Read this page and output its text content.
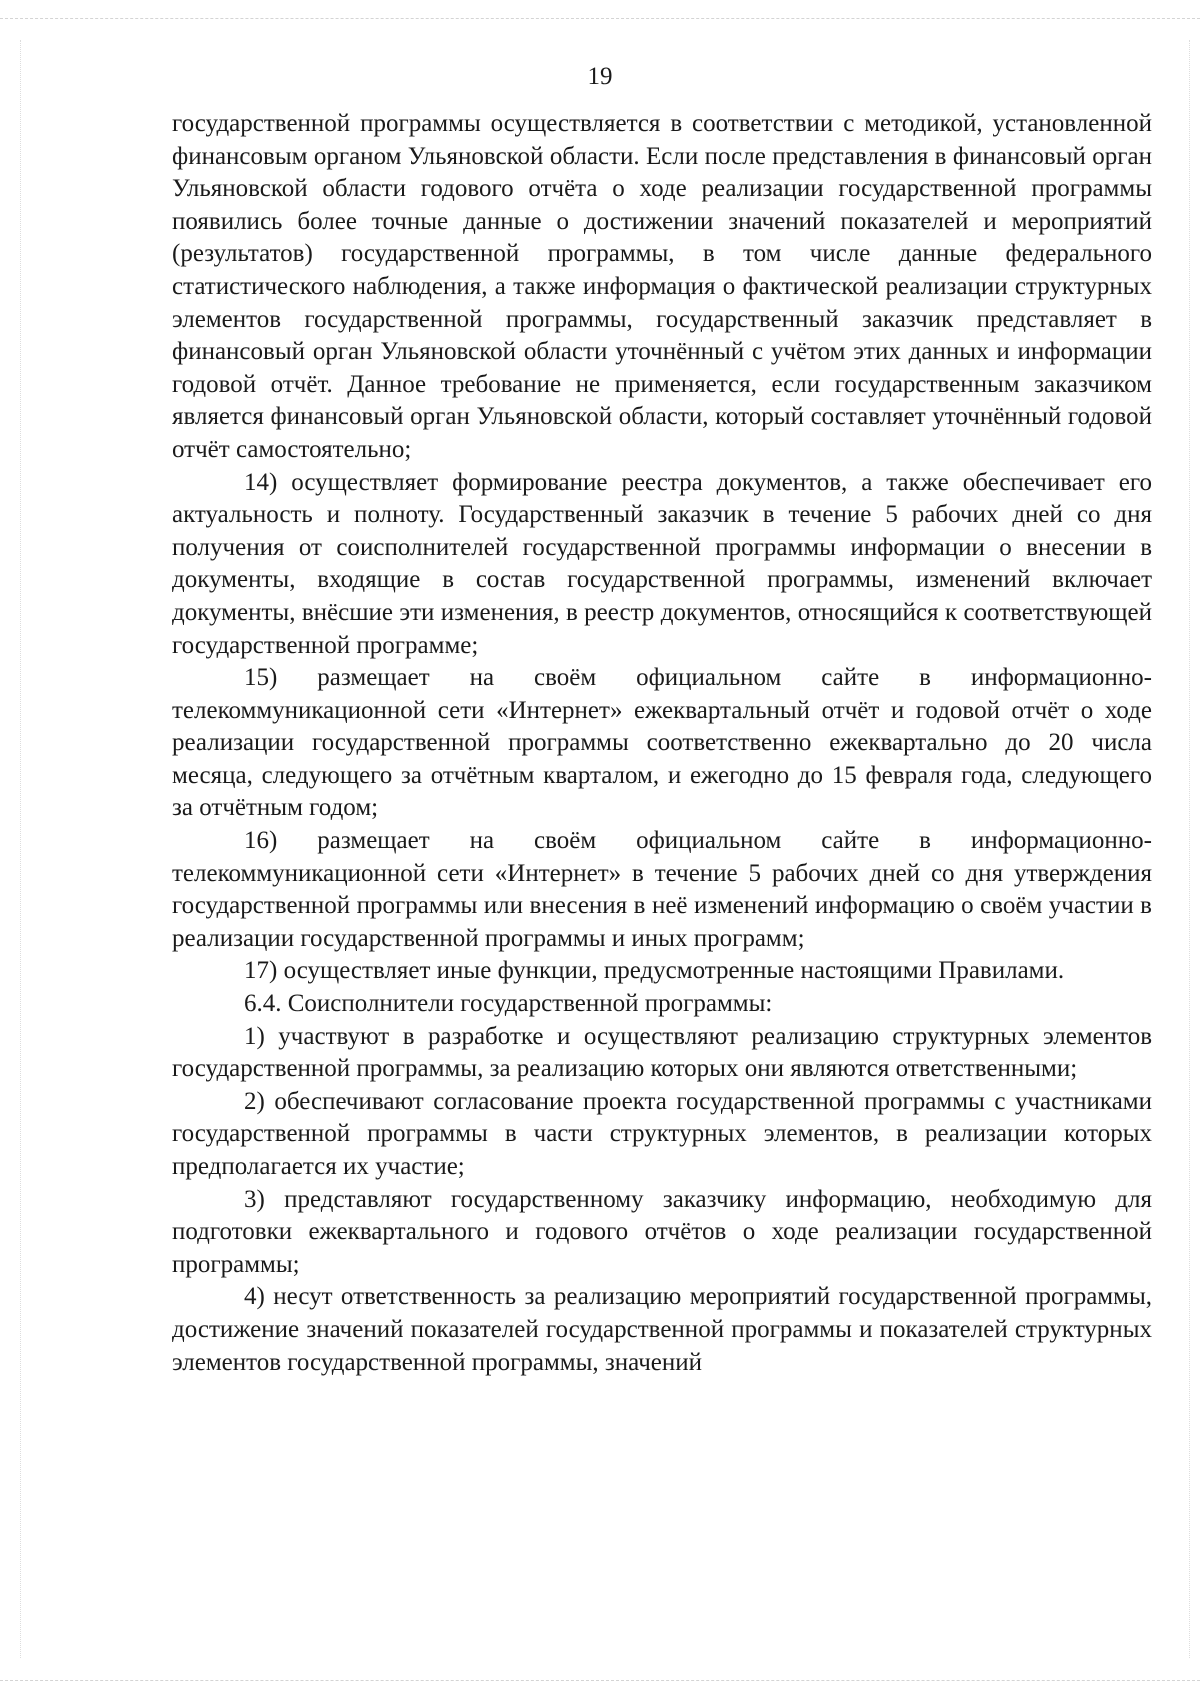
19

государственной программы осуществляется в соответствии с методикой, установленной финансовым органом Ульяновской области. Если после представления в финансовый орган Ульяновской области годового отчёта о ходе реализации государственной программы появились более точные данные о достижении значений показателей и мероприятий (результатов) государственной программы, в том числе данные федерального статистического наблюдения, а также информация о фактической реализации структурных элементов государственной программы, государственный заказчик представляет в финансовый орган Ульяновской области уточнённый с учётом этих данных и информации годовой отчёт. Данное требование не применяется, если государственным заказчиком является финансовый орган Ульяновской области, который составляет уточнённый годовой отчёт самостоятельно;

14) осуществляет формирование реестра документов, а также обеспечивает его актуальность и полноту. Государственный заказчик в течение 5 рабочих дней со дня получения от соисполнителей государственной программы информации о внесении в документы, входящие в состав государственной программы, изменений включает документы, внёсшие эти изменения, в реестр документов, относящийся к соответствующей государственной программе;

15) размещает на своём официальном сайте в информационно-телекоммуникационной сети «Интернет» ежеквартальный отчёт и годовой отчёт о ходе реализации государственной программы соответственно ежеквартально до 20 числа месяца, следующего за отчётным кварталом, и ежегодно до 15 февраля года, следующего за отчётным годом;

16) размещает на своём официальном сайте в информационно-телекоммуникационной сети «Интернет» в течение 5 рабочих дней со дня утверждения государственной программы или внесения в неё изменений информацию о своём участии в реализации государственной программы и иных программ;

17) осуществляет иные функции, предусмотренные настоящими Правилами.

6.4. Соисполнители государственной программы:

1) участвуют в разработке и осуществляют реализацию структурных элементов государственной программы, за реализацию которых они являются ответственными;

2) обеспечивают согласование проекта государственной программы с участниками государственной программы в части структурных элементов, в реализации которых предполагается их участие;

3) представляют государственному заказчику информацию, необходимую для подготовки ежеквартального и годового отчётов о ходе реализации государственной программы;

4) несут ответственность за реализацию мероприятий государственной программы, достижение значений показателей государственной программы и показателей структурных элементов государственной программы, значений
